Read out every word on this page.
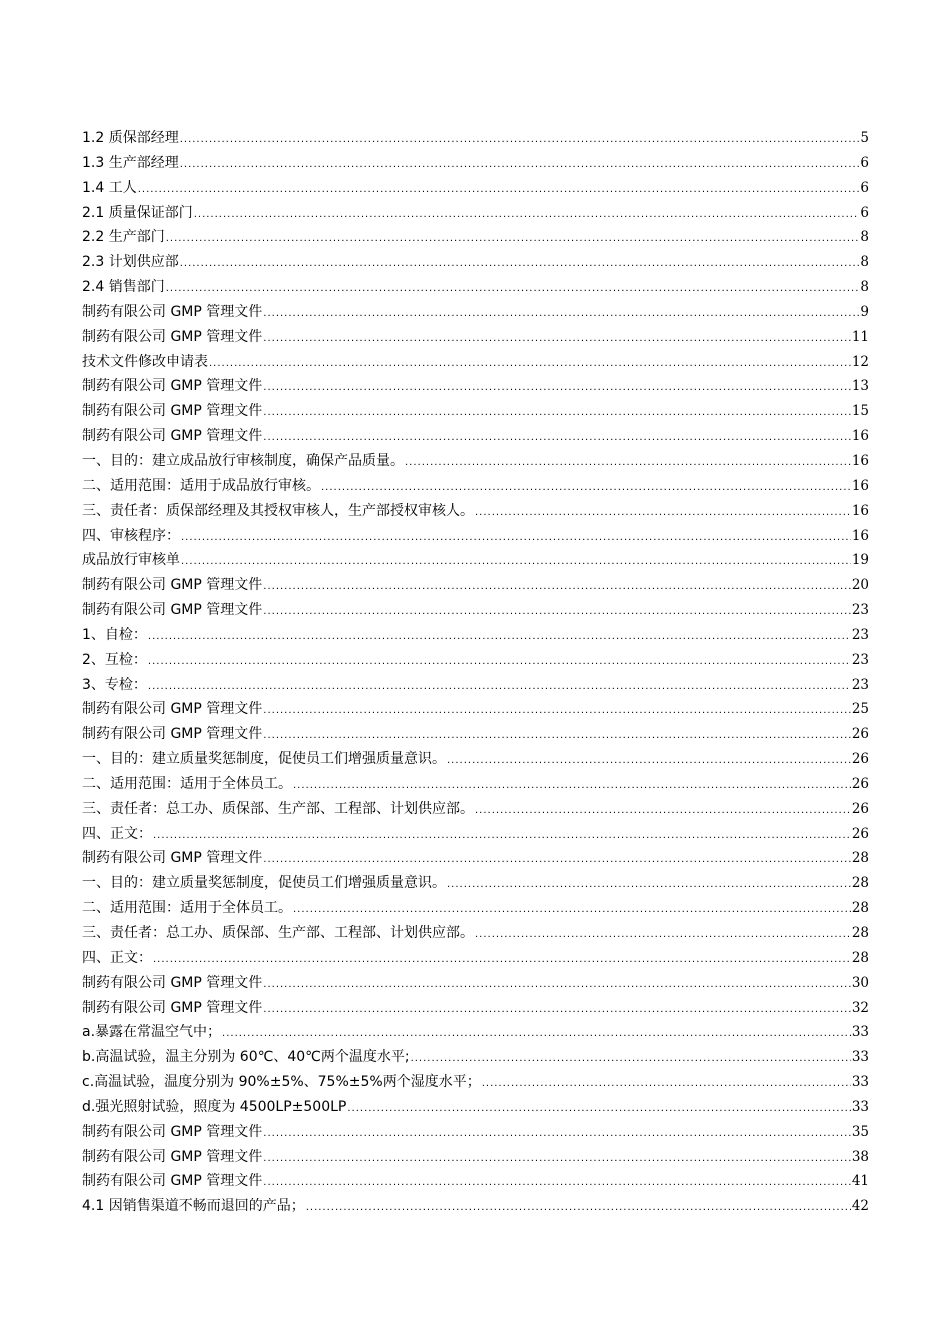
1.2 质保部经理 .....	5
1.3 生产部经理 .....	6
1.4 工人 .....	6
2.1 质量保证部门 .....	6
2.2 生产部门 .....	8
2.3 计划供应部 .....	8
2.4 销售部门 .....	8
制药有限公司 GMP 管理文件 .....	9
制药有限公司 GMP 管理文件 .....	11
技术文件修改申请表 .....	12
制药有限公司 GMP 管理文件 .....	13
制药有限公司 GMP 管理文件 .....	15
制药有限公司 GMP 管理文件 .....	16
一、目的：建立成品放行审核制度，确保产品质量。 .....	16
二、适用范围：适用于成品放行审核。 .....	16
三、责任者：质保部经理及其授权审核人，生产部授权审核人。 .....	16
四、审核程序： .....	16
成品放行审核单 .....	19
制药有限公司 GMP 管理文件 .....	20
制药有限公司 GMP 管理文件 .....	23
1、自检： .....	23
2、互检： .....	23
3、专检： .....	23
制药有限公司 GMP 管理文件 .....	25
制药有限公司 GMP 管理文件 .....	26
一、目的：建立质量奖惩制度，促使员工们增强质量意识。 .....	26
二、适用范围：适用于全体员工。 .....	26
三、责任者：总工办、质保部、生产部、工程部、计划供应部。 .....	26
四、正文： .....	26
制药有限公司 GMP 管理文件 .....	28
一、目的：建立质量奖惩制度，促使员工们增强质量意识。 .....	28
二、适用范围：适用于全体员工。 .....	28
三、责任者：总工办、质保部、生产部、工程部、计划供应部。 .....	28
四、正文： .....	28
制药有限公司 GMP 管理文件 .....	30
制药有限公司 GMP 管理文件 .....	32
a.暴露在常温空气中； .....	33
b.高温试验，温主分别为 60℃、40℃两个温度水平; .....	33
c.高温试验，温度分别为 90%±5%、75%±5%两个湿度水平； .....	33
d.强光照射试验，照度为 4500LP±500LP .....	33
制药有限公司 GMP 管理文件 .....	35
制药有限公司 GMP 管理文件 .....	38
制药有限公司 GMP 管理文件 .....	41
4.1 因销售渠道不畅而退回的产品； .....	42
